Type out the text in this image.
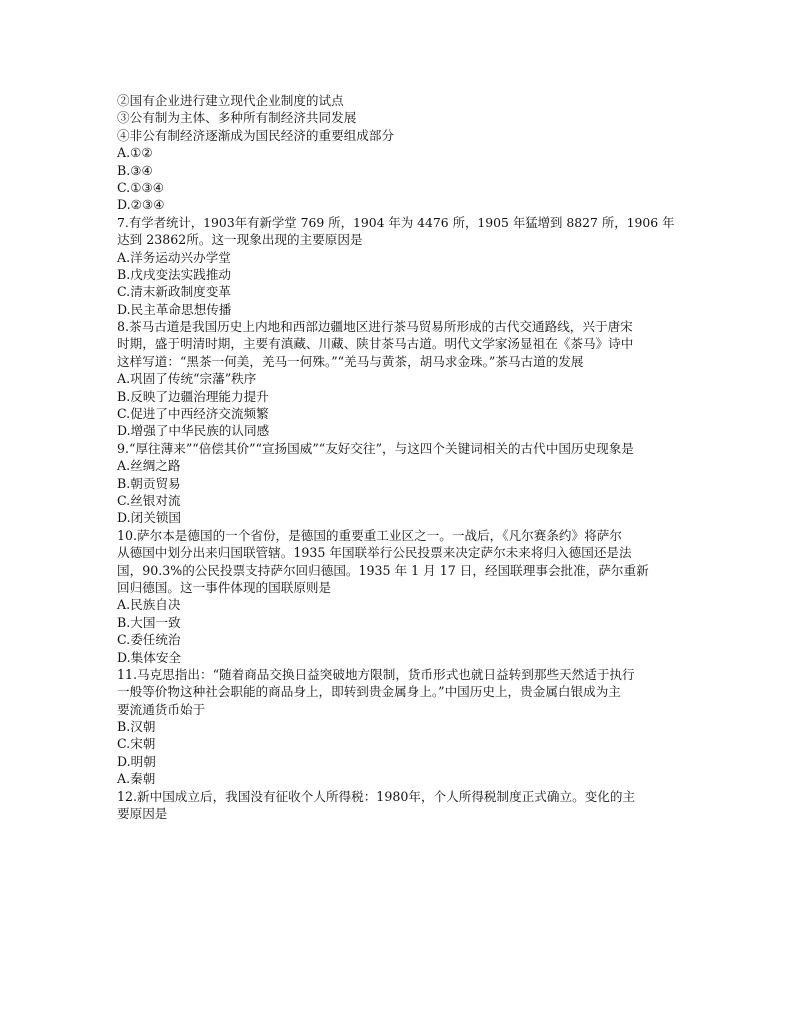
②国有企业进行建立现代企业制度的试点
③公有制为主体、多种所有制经济共同发展
④非公有制经济逐渐成为国民经济的重要组成部分
A.①②
B.③④
C.①③④
D.②③④
7.有学者统计，1903年有新学堂 769 所，1904 年为 4476 所，1905 年猛增到 8827 所，1906 年
达到 23862所。这一现象出现的主要原因是
A.洋务运动兴办学堂
B.戊戌变法实践推动
C.清末新政制度变革
D.民主革命思想传播
8.茶马古道是我国历史上内地和西部边疆地区进行茶马贸易所形成的古代交通路线，兴于唐宋
时期，盛于明清时期，主要有滇藏、川藏、陕甘茶马古道。明代文学家汤显祖在《茶马》诗中
这样写道：“黑茶一何美，羌马一何殊。”“羌马与黄茶，胡马求金珠。”茶马古道的发展
A.巩固了传统“宗藩”秩序
B.反映了边疆治理能力提升
C.促进了中西经济交流频繁
D.增强了中华民族的认同感
9.“厚往薄来”“倍偿其价”“宣扬国威”“友好交往”，与这四个关键词相关的古代中国历史现象是
A.丝绸之路
B.朝贡贸易
C.丝银对流
D.闭关锁国
10.萨尔本是德国的一个省份，是德国的重要重工业区之一。一战后，《凡尔赛条约》将萨尔
从德国中划分出来归国联管辖。1935 年国联举行公民投票来决定萨尔未来将归入德国还是法
国，90.3%的公民投票支持萨尔回归德国。1935 年 1 月 17 日，经国联理事会批准，萨尔重新
回归德国。这一事件体现的国联原则是
A.民族自决
B.大国一致
C.委任统治
D.集体安全
11.马克思指出：“随着商品交换日益突破地方限制，货币形式也就日益转到那些天然适于执行
一般等价物这种社会职能的商品身上，即转到贵金属身上。”中国历史上，贵金属白银成为主
要流通货币始于
B.汉朝
C.宋朝
D.明朝
A.秦朝
12.新中国成立后，我国没有征收个人所得税：1980年，个人所得税制度正式确立。变化的主
要原因是
